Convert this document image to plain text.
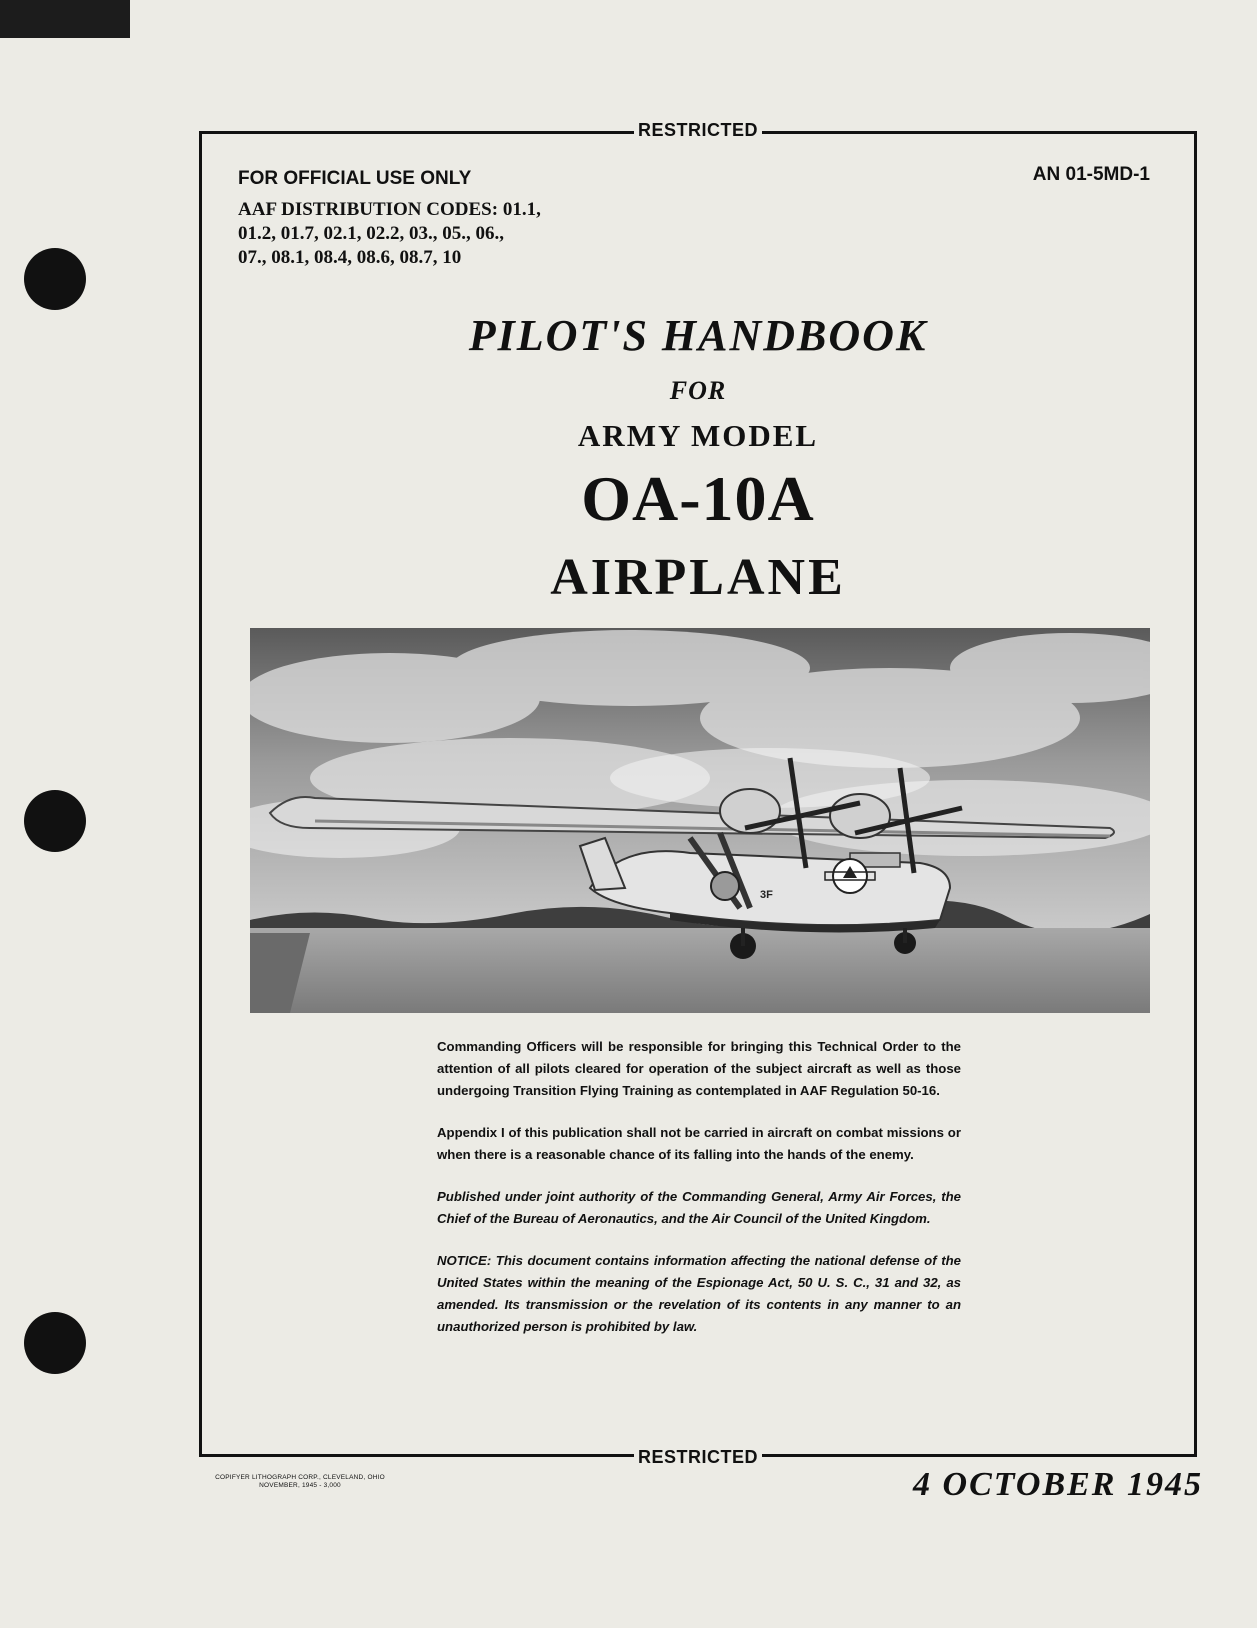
RESTRICTED
RESTRICTED
FOR OFFICIAL USE ONLY	AN 01-5MD-1
AAF DISTRIBUTION CODES: 01.1,
01.2, 01.7, 02.1, 02.2, 03., 05., 06.,
07., 08.1, 08.4, 08.6, 08.7, 10
PILOT'S HANDBOOK
FOR
ARMY MODEL
OA-10A
AIRPLANE
3F

Commanding Officers will be responsible for bringing this Technical Order to the attention of all pilots cleared for operation of the subject aircraft as well as those undergoing Transition Flying Training as contemplated in AAF Regulation 50-16.

Appendix I of this publication shall not be carried in aircraft on combat missions or when there is a reasonable chance of its falling into the hands of the enemy.

Published under joint authority of the Commanding General, Army Air Forces, the Chief of the Bureau of Aeronautics, and the Air Council of the United Kingdom.

NOTICE: This document contains information affecting the national defense of the United States within the meaning of the Espionage Act, 50 U. S. C., 31 and 32, as amended. Its transmission or the revelation of its contents in any manner to an unauthorized person is prohibited by law.

COPIFYER LITHOGRAPH CORP., CLEVELAND, OHIO
NOVEMBER, 1945 - 3,000	4 OCTOBER 1945
